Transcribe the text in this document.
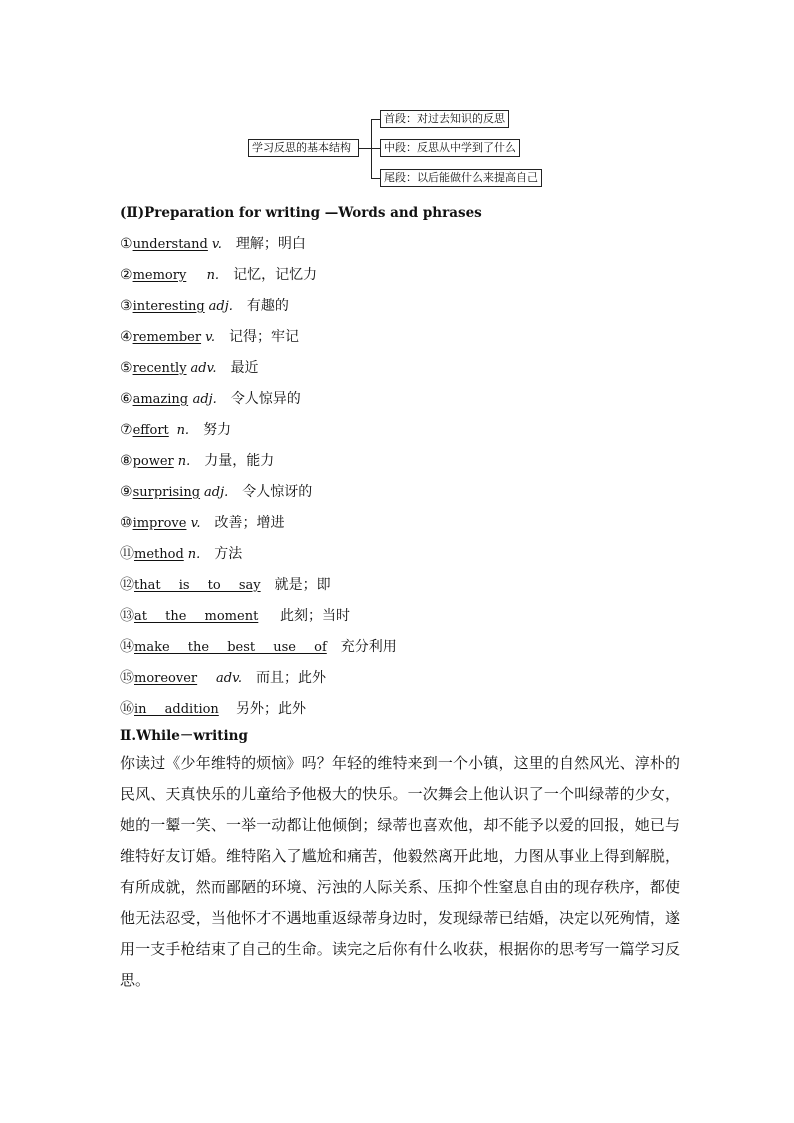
学习反思的基本结构
首段：对过去知识的反思
中段：反思从中学到了什么
尾段：以后能做什么来提高自己
(Ⅱ)Preparation for writing —Words and phrases
①understand v. 理解；明白
②memory n. 记忆，记忆力
③interesting adj. 有趣的
④remember v. 记得；牢记
⑤recently adv. 最近
⑥amazing adj. 令人惊异的
⑦effort n. 努力
⑧power n. 力量，能力
⑨surprising adj. 令人惊讶的
⑩improve v. 改善；增进
⑪method n. 方法
⑫that is to say 就是；即
⑬at the moment 此刻；当时
⑭make the best use of 充分利用
⑮moreover adv. 而且；此外
⑯in addition 另外；此外
Ⅱ.While－writing
你读过《少年维特的烦恼》吗？年轻的维特来到一个小镇，这里的自然风光、淳朴的民风、天真快乐的儿童给予他极大的快乐。一次舞会上他认识了一个叫绿蒂的少女，她的一颦一笑、一举一动都让他倾倒；绿蒂也喜欢他，却不能予以爱的回报，她已与维特好友订婚。维特陷入了尴尬和痛苦，他毅然离开此地，力图从事业上得到解脱，有所成就，然而鄙陋的环境、污浊的人际关系、压抑个性窒息自由的现存秩序，都使他无法忍受，当他怀才不遇地重返绿蒂身边时，发现绿蒂已结婚，决定以死殉情，遂用一支手枪结束了自己的生命。读完之后你有什么收获，根据你的思考写一篇学习反思。
